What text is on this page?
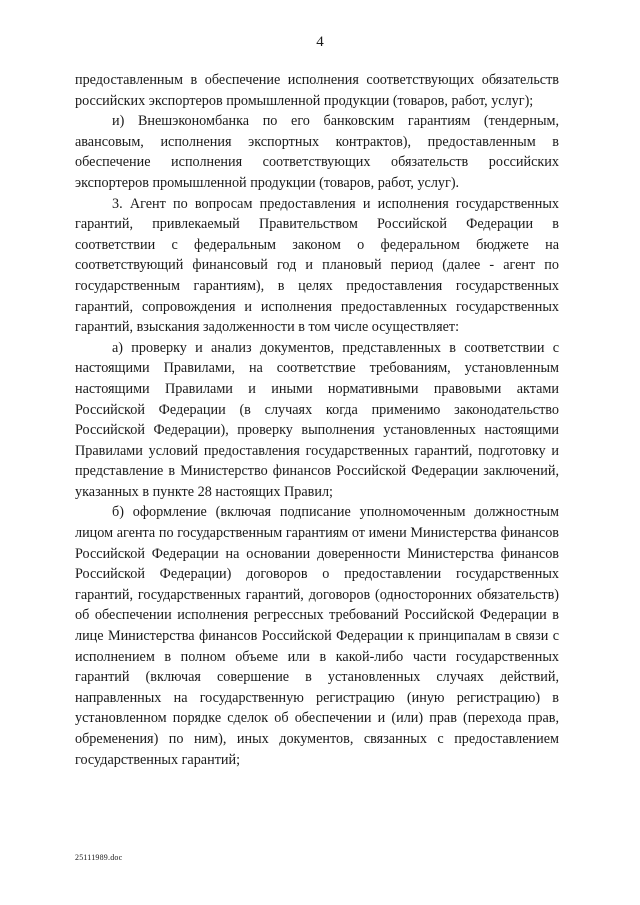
4

предоставленным в обеспечение исполнения соответствующих обязательств российских экспортеров промышленной продукции (товаров, работ, услуг);

и) Внешэкономбанка по его банковским гарантиям (тендерным, авансовым, исполнения экспортных контрактов), предоставленным в обеспечение исполнения соответствующих обязательств российских экспортеров промышленной продукции (товаров, работ, услуг).

3. Агент по вопросам предоставления и исполнения государственных гарантий, привлекаемый Правительством Российской Федерации в соответствии с федеральным законом о федеральном бюджете на соответствующий финансовый год и плановый период (далее - агент по государственным гарантиям), в целях предоставления государственных гарантий, сопровождения и исполнения предоставленных государственных гарантий, взыскания задолженности в том числе осуществляет:

а) проверку и анализ документов, представленных в соответствии с настоящими Правилами, на соответствие требованиям, установленным настоящими Правилами и иными нормативными правовыми актами Российской Федерации (в случаях когда применимо законодательство Российской Федерации), проверку выполнения установленных настоящими Правилами условий предоставления государственных гарантий, подготовку и представление в Министерство финансов Российской Федерации заключений, указанных в пункте 28 настоящих Правил;

б) оформление (включая подписание уполномоченным должностным лицом агента по государственным гарантиям от имени Министерства финансов Российской Федерации на основании доверенности Министерства финансов Российской Федерации) договоров о предоставлении государственных гарантий, государственных гарантий, договоров (односторонних обязательств) об обеспечении исполнения регрессных требований Российской Федерации в лице Министерства финансов Российской Федерации к принципалам в связи с исполнением в полном объеме или в какой-либо части государственных гарантий (включая совершение в установленных случаях действий, направленных на государственную регистрацию (иную регистрацию) в установленном порядке сделок об обеспечении и (или) прав (перехода прав, обременения) по ним), иных документов, связанных с предоставлением государственных гарантий;

25111989.doc
